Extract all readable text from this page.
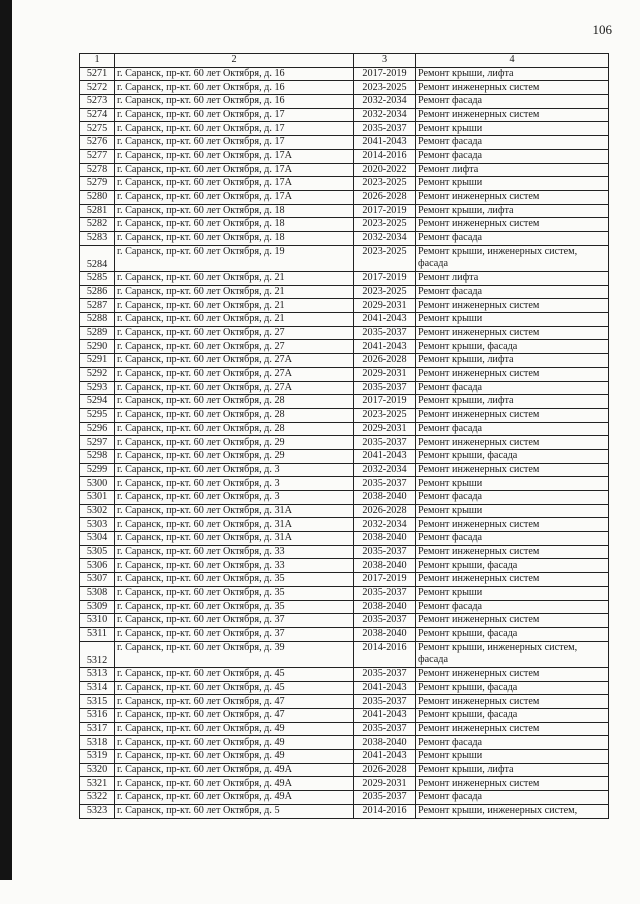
106
1	2	3	4
5271	г. Саранск, пр-кт. 60 лет Октября, д. 16	2017-2019	Ремонт крыши, лифта
5272	г. Саранск, пр-кт. 60 лет Октября, д. 16	2023-2025	Ремонт инженерных систем
5273	г. Саранск, пр-кт. 60 лет Октября, д. 16	2032-2034	Ремонт фасада
5274	г. Саранск, пр-кт. 60 лет Октября, д. 17	2032-2034	Ремонт инженерных систем
5275	г. Саранск, пр-кт. 60 лет Октября, д. 17	2035-2037	Ремонт крыши
5276	г. Саранск, пр-кт. 60 лет Октября, д. 17	2041-2043	Ремонт фасада
5277	г. Саранск, пр-кт. 60 лет Октября, д. 17А	2014-2016	Ремонт фасада
5278	г. Саранск, пр-кт. 60 лет Октября, д. 17А	2020-2022	Ремонт лифта
5279	г. Саранск, пр-кт. 60 лет Октября, д. 17А	2023-2025	Ремонт крыши
5280	г. Саранск, пр-кт. 60 лет Октября, д. 17А	2026-2028	Ремонт инженерных систем
5281	г. Саранск, пр-кт. 60 лет Октября, д. 18	2017-2019	Ремонт крыши, лифта
5282	г. Саранск, пр-кт. 60 лет Октября, д. 18	2023-2025	Ремонт инженерных систем
5283	г. Саранск, пр-кт. 60 лет Октября, д. 18	2032-2034	Ремонт фасада
5284	г. Саранск, пр-кт. 60 лет Октября, д. 19	2023-2025	Ремонт крыши, инженерных систем, фасада
5285	г. Саранск, пр-кт. 60 лет Октября, д. 21	2017-2019	Ремонт лифта
5286	г. Саранск, пр-кт. 60 лет Октября, д. 21	2023-2025	Ремонт фасада
5287	г. Саранск, пр-кт. 60 лет Октября, д. 21	2029-2031	Ремонт инженерных систем
5288	г. Саранск, пр-кт. 60 лет Октября, д. 21	2041-2043	Ремонт крыши
5289	г. Саранск, пр-кт. 60 лет Октября, д. 27	2035-2037	Ремонт инженерных систем
5290	г. Саранск, пр-кт. 60 лет Октября, д. 27	2041-2043	Ремонт крыши, фасада
5291	г. Саранск, пр-кт. 60 лет Октября, д. 27А	2026-2028	Ремонт крыши, лифта
5292	г. Саранск, пр-кт. 60 лет Октября, д. 27А	2029-2031	Ремонт инженерных систем
5293	г. Саранск, пр-кт. 60 лет Октября, д. 27А	2035-2037	Ремонт фасада
5294	г. Саранск, пр-кт. 60 лет Октября, д. 28	2017-2019	Ремонт крыши, лифта
5295	г. Саранск, пр-кт. 60 лет Октября, д. 28	2023-2025	Ремонт инженерных систем
5296	г. Саранск, пр-кт. 60 лет Октября, д. 28	2029-2031	Ремонт фасада
5297	г. Саранск, пр-кт. 60 лет Октября, д. 29	2035-2037	Ремонт инженерных систем
5298	г. Саранск, пр-кт. 60 лет Октября, д. 29	2041-2043	Ремонт крыши, фасада
5299	г. Саранск, пр-кт. 60 лет Октября, д. 3	2032-2034	Ремонт инженерных систем
5300	г. Саранск, пр-кт. 60 лет Октября, д. 3	2035-2037	Ремонт крыши
5301	г. Саранск, пр-кт. 60 лет Октября, д. 3	2038-2040	Ремонт фасада
5302	г. Саранск, пр-кт. 60 лет Октября, д. 31А	2026-2028	Ремонт крыши
5303	г. Саранск, пр-кт. 60 лет Октября, д. 31А	2032-2034	Ремонт инженерных систем
5304	г. Саранск, пр-кт. 60 лет Октября, д. 31А	2038-2040	Ремонт фасада
5305	г. Саранск, пр-кт. 60 лет Октября, д. 33	2035-2037	Ремонт инженерных систем
5306	г. Саранск, пр-кт. 60 лет Октября, д. 33	2038-2040	Ремонт крыши, фасада
5307	г. Саранск, пр-кт. 60 лет Октября, д. 35	2017-2019	Ремонт инженерных систем
5308	г. Саранск, пр-кт. 60 лет Октября, д. 35	2035-2037	Ремонт крыши
5309	г. Саранск, пр-кт. 60 лет Октября, д. 35	2038-2040	Ремонт фасада
5310	г. Саранск, пр-кт. 60 лет Октября, д. 37	2035-2037	Ремонт инженерных систем
5311	г. Саранск, пр-кт. 60 лет Октября, д. 37	2038-2040	Ремонт крыши, фасада
5312	г. Саранск, пр-кт. 60 лет Октября, д. 39	2014-2016	Ремонт крыши, инженерных систем, фасада
5313	г. Саранск, пр-кт. 60 лет Октября, д. 45	2035-2037	Ремонт инженерных систем
5314	г. Саранск, пр-кт. 60 лет Октября, д. 45	2041-2043	Ремонт крыши, фасада
5315	г. Саранск, пр-кт. 60 лет Октября, д. 47	2035-2037	Ремонт инженерных систем
5316	г. Саранск, пр-кт. 60 лет Октября, д. 47	2041-2043	Ремонт крыши, фасада
5317	г. Саранск, пр-кт. 60 лет Октября, д. 49	2035-2037	Ремонт инженерных систем
5318	г. Саранск, пр-кт. 60 лет Октября, д. 49	2038-2040	Ремонт фасада
5319	г. Саранск, пр-кт. 60 лет Октября, д. 49	2041-2043	Ремонт крыши
5320	г. Саранск, пр-кт. 60 лет Октября, д. 49А	2026-2028	Ремонт крыши, лифта
5321	г. Саранск, пр-кт. 60 лет Октября, д. 49А	2029-2031	Ремонт инженерных систем
5322	г. Саранск, пр-кт. 60 лет Октября, д. 49А	2035-2037	Ремонт фасада
5323	г. Саранск, пр-кт. 60 лет Октября, д. 5	2014-2016	Ремонт крыши, инженерных систем,
